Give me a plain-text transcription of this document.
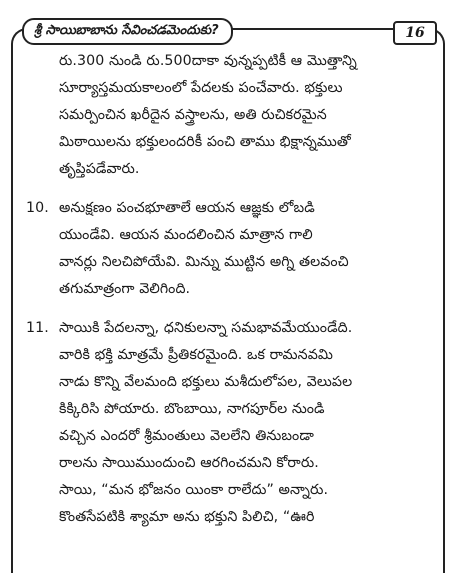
శ్రీ సాయిబాబాను సేవించడమెందుకు?	16
రు.300 నుండి రు.500దాకా వున్నప్పటికీ ఆ మొత్తాన్ని
సూర్యాస్తమయకాలంలో పేదలకు పంచేవారు. భక్తులు
సమర్పించిన ఖరీదైన వస్త్రాలను, అతి రుచికరమైన
మిఠాయిలను భక్తులందరికీ పంచి తాము భిక్షాన్నముతో
తృప్తిపడేవారు.
10. అనుక్షణం పంచభూతాలే ఆయన ఆజ్ఞకు లోబడి
యుండేవి. ఆయన మందలించిన మాత్రాన గాలి
వానర్లు నిలచిపోయేవి. మిన్ను ముట్టిన అగ్ని తలవంచి
తగుమాత్రంగా వెలిగింది.
11. సాయికి పేదలన్నా, ధనికులన్నా సమభావమేయుండేది.
వారికి భక్తి మాత్రమే ప్రీతికరమైంది. ఒక రామనవమి
నాడు కొన్ని వేలమంది భక్తులు మశీదులోపల, వెలుపల
కిక్కిరిసి పోయారు. బొంబాయి, నాగపూర్‌ల నుండి
వచ్చిన ఎందరో శ్రీమంతులు వెలలేని తినుబండా
రాలను సాయిముందుంచి ఆరగించమని కోరారు.
సాయి, “మన భోజనం యింకా రాలేదు” అన్నారు.
కొంతసేపటికి శ్యామా అను భక్తుని పిలిచి, “ఊరి
